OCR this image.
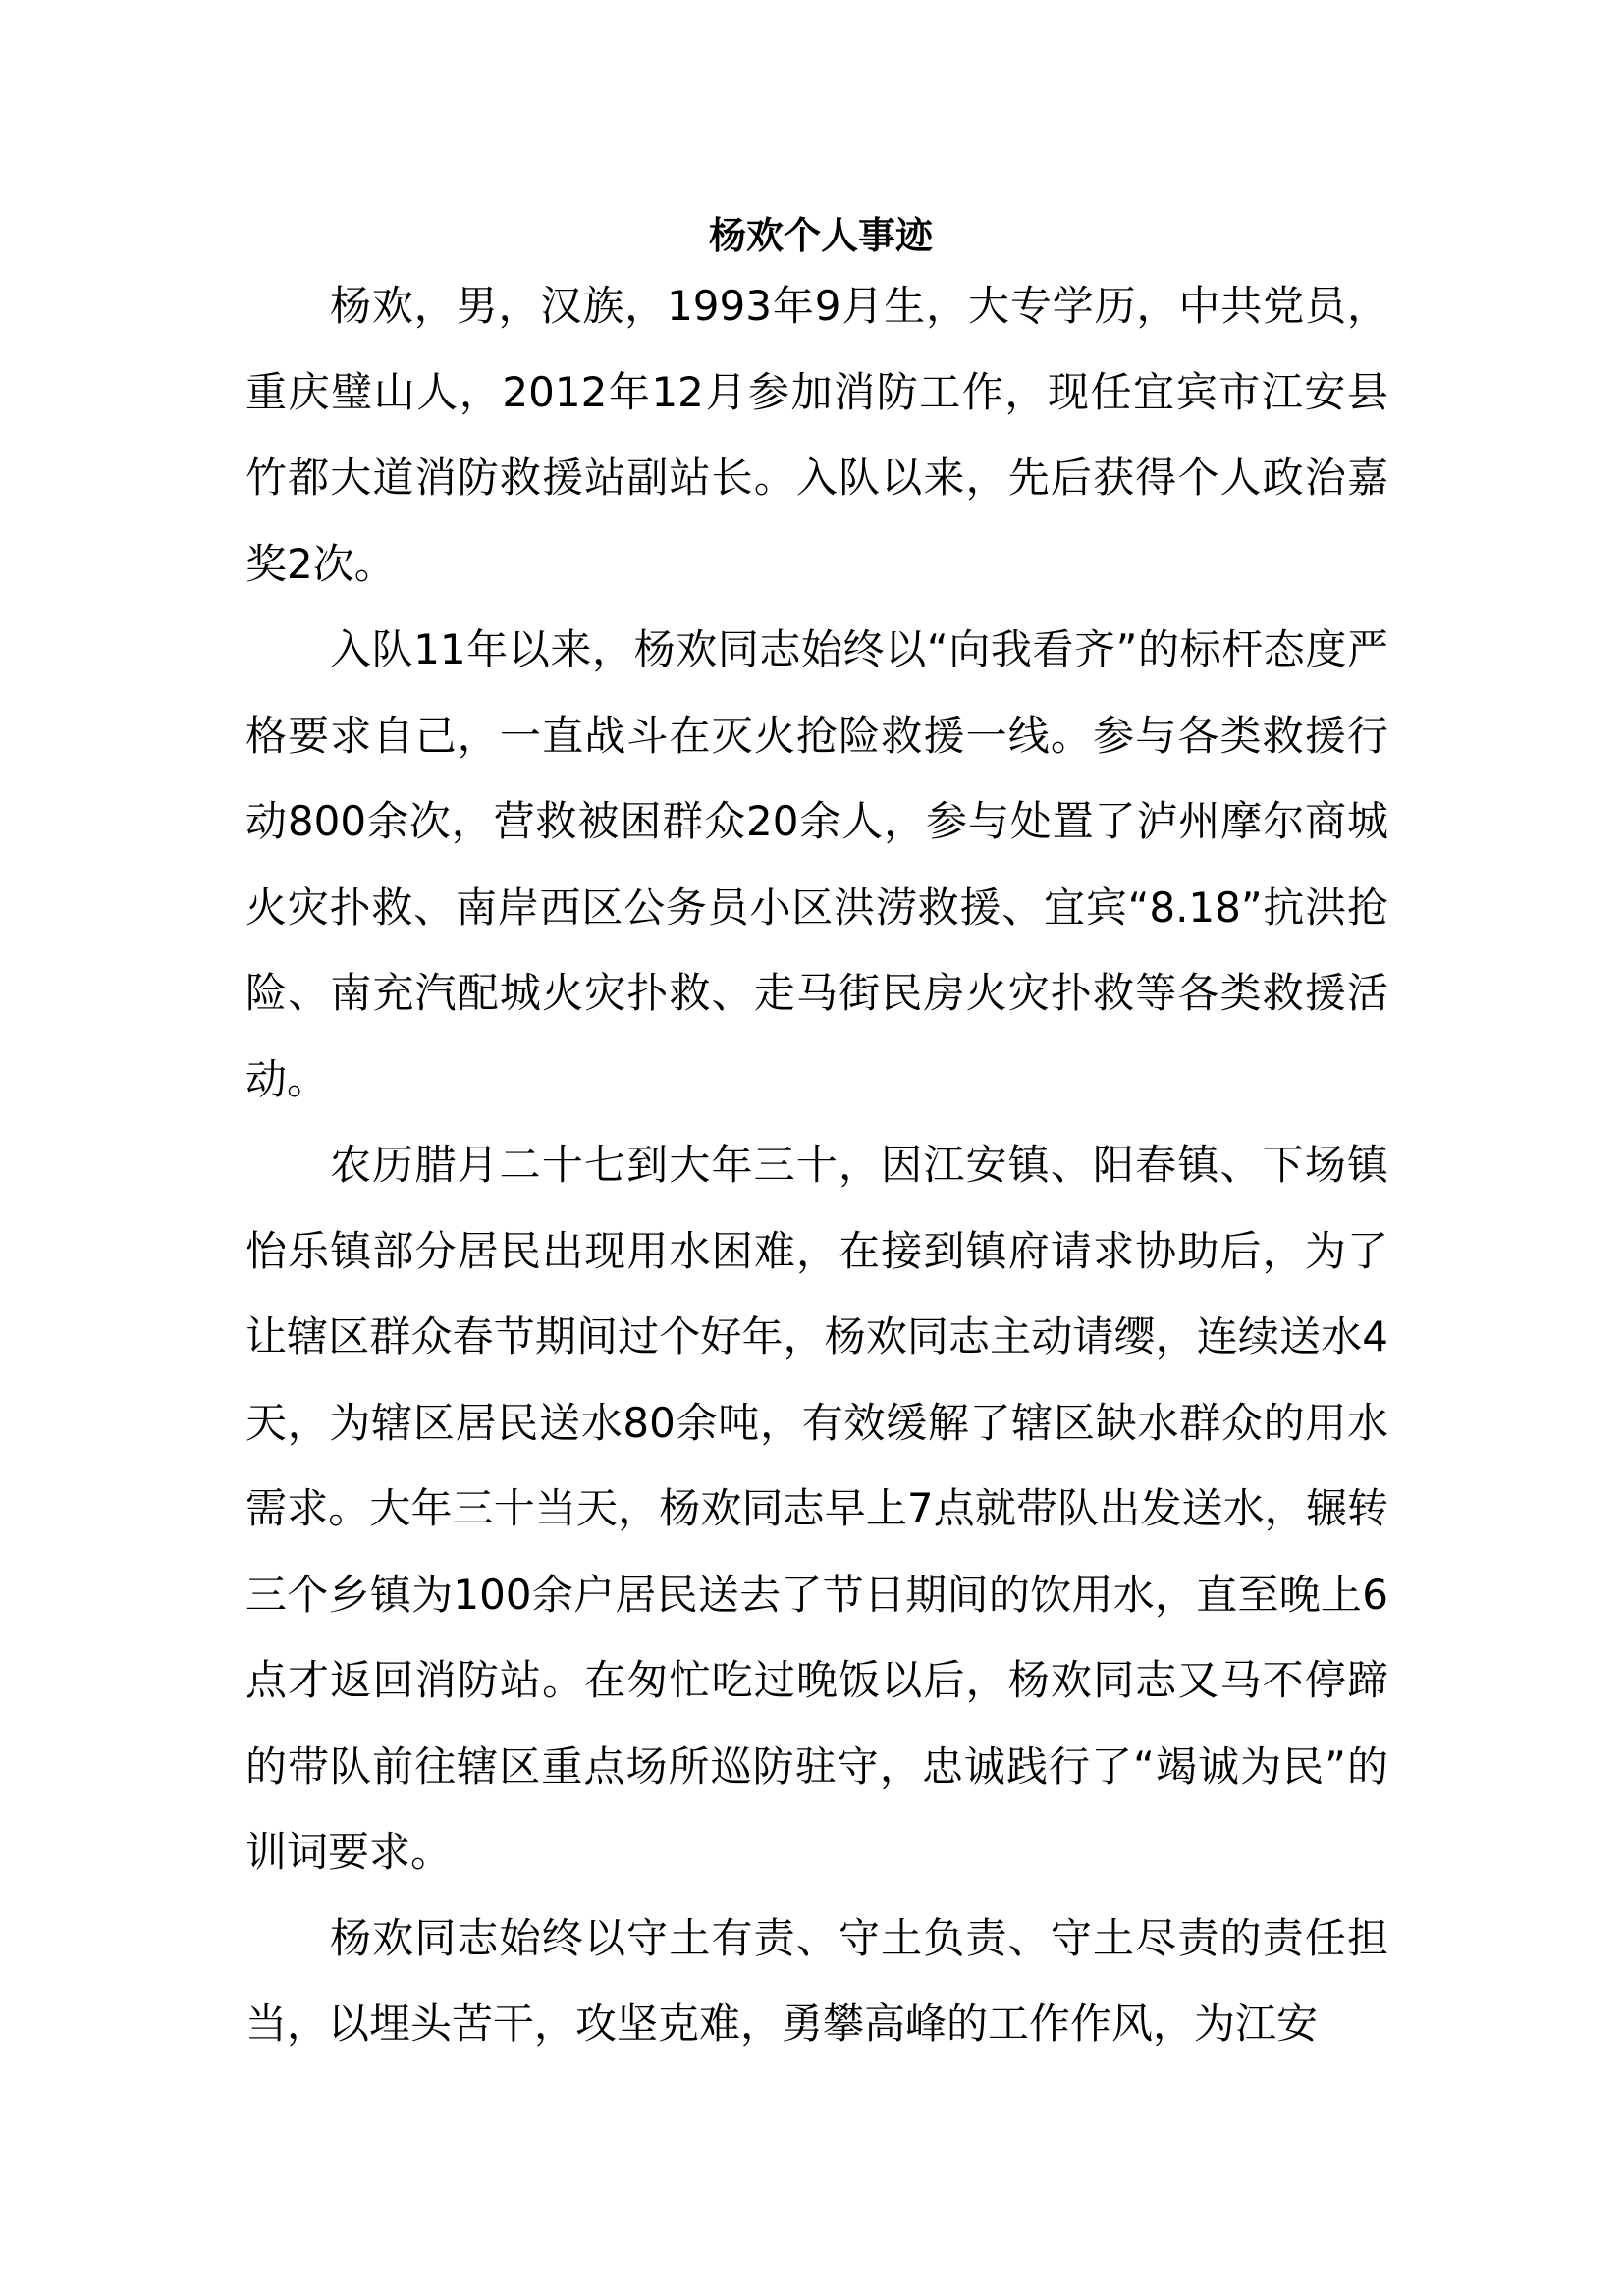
杨欢个人事迹

杨欢，男，汉族，1993年9月生，大专学历，中共党员，重庆璧山人，2012年12月参加消防工作，现任宜宾市江安县竹都大道消防救援站副站长。入队以来，先后获得个人政治嘉奖2次。

入队11年以来，杨欢同志始终以“向我看齐”的标杆态度严格要求自己，一直战斗在灭火抢险救援一线。参与各类救援行动800余次，营救被困群众20余人，参与处置了泸州摩尔商城火灾扑救、南岸西区公务员小区洪涝救援、宜宾“8.18”抗洪抢险、南充汽配城火灾扑救、走马街民房火灾扑救等各类救援活动。

农历腊月二十七到大年三十，因江安镇、阳春镇、下场镇怡乐镇部分居民出现用水困难，在接到镇府请求协助后，为了让辖区群众春节期间过个好年，杨欢同志主动请缨，连续送水4天，为辖区居民送水80余吨，有效缓解了辖区缺水群众的用水需求。大年三十当天，杨欢同志早上7点就带队出发送水，辗转三个乡镇为100余户居民送去了节日期间的饮用水，直至晚上6点才返回消防站。在匆忙吃过晚饭以后，杨欢同志又马不停蹄的带队前往辖区重点场所巡防驻守，忠诚践行了“竭诚为民”的训词要求。

杨欢同志始终以守土有责、守土负责、守土尽责的责任担当，以埋头苦干，攻坚克难，勇攀高峰的工作作风，为江安
